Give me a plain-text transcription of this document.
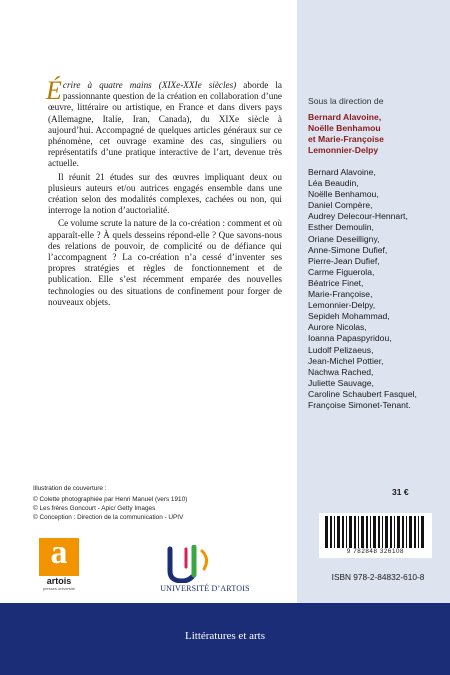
Écrire à quatre mains (XIXe-XXIe siècles) aborde la passionnante question de la création en collaboration d’une œuvre, littéraire ou artistique, en France et dans divers pays (Allemagne, Italie, Iran, Canada), du XIXe siècle à aujourd’hui. Accompagné de quelques articles généraux sur ce phénomène, cet ouvrage examine des cas, singuliers ou représentatifs d’une pratique interactive de l’art, devenue très actuelle.

Il réunit 21 études sur des œuvres impliquant deux ou plusieurs auteurs et/ou autrices engagés ensemble dans une création selon des modalités complexes, cachées ou non, qui interroge la notion d’auctorialité.

Ce volume scrute la nature de la co-création : comment et où apparaît-elle ? À quels desseins répond-elle ? Que savons-nous des relations de pouvoir, de complicité ou de défiance qui l’accompagnent ? La co-création n’a cessé d’inventer ses propres stratégies et règles de fonctionnement et de publication. Elle s’est récemment emparée des nouvelles technologies ou des situations de confinement pour forger de nouveaux objets.

Sous la direction de
Bernard Alavoine,
Noëlle Benhamou
et Marie-Françoise
Lemonnier-Delpy
Bernard Alavoine,
Léa Beaudin,
Noëlle Benhamou,
Daniel Compère,
Audrey Delecour-Hennart,
Esther Demoulin,
Oriane Deseilligny,
Anne-Simone Dufief,
Pierre-Jean Dufief,
Carme Figuerola,
Béatrice Finet,
Marie-Françoise,
Lemonnier-Delpy,
Sepideh Mohammad,
Aurore Nicolas,
Ioanna Papaspyridou,
Ludolf Pelizaeus,
Jean-Michel Pottier,
Nachwa Rached,
Juliette Sauvage,
Caroline Schaubert Fasquel,
Françoise Simonet-Tenant.
Illustration de couverture :
© Colette photographiée par Henri Manuel (vers 1910)
© Les frères Goncourt - Apic/ Getty Images
© Conception : Direction de la communication - UPIV
31 €
9 782848 326108
ISBN 978-2-84832-610-8
a
artois
presses université	UNIVERSITÉ D’ARTOIS
Littératures et arts
